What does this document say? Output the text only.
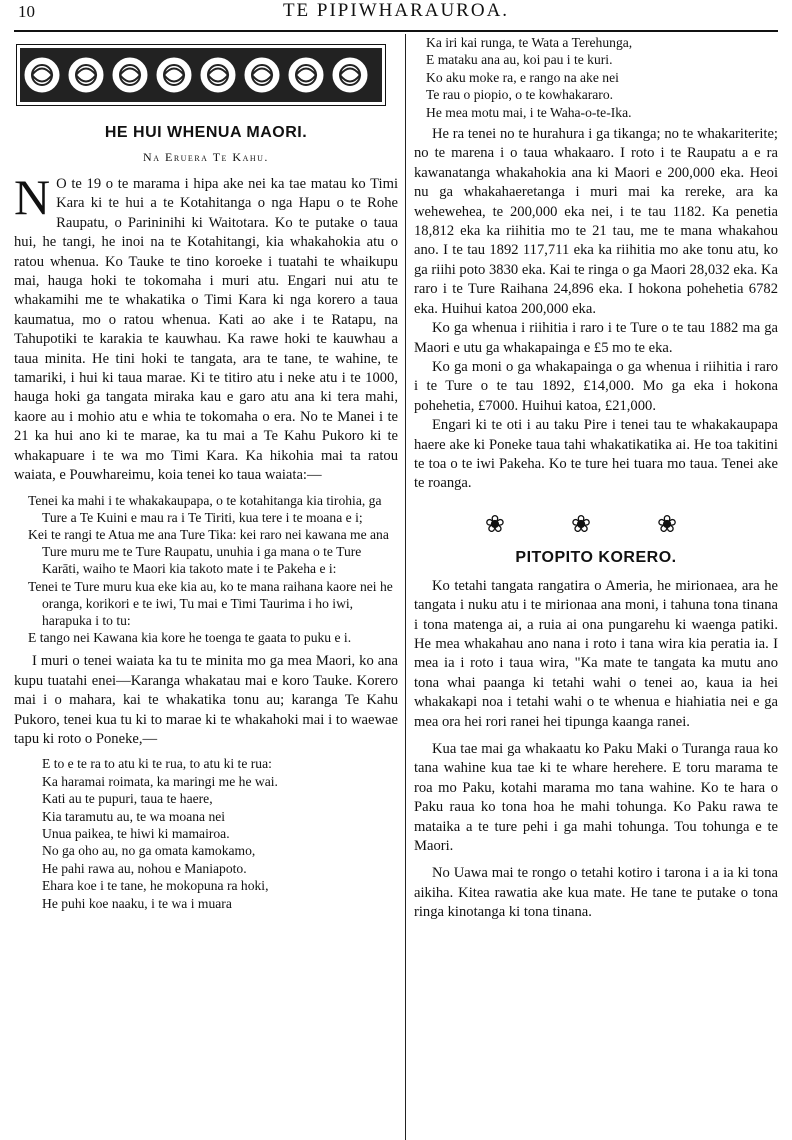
10	TE PIPIWHARAUROA.
HE HUI WHENUA MAORI.
Na Eruera Te Kahu.

N O te 19 o te marama i hipa ake nei ka tae matau ko Timi Kara ki te hui a te Kotahitanga o nga Hapu o te Rohe Raupatu, o Parininihi ki Waitotara. Ko te putake o taua hui, he tangi, he inoi na te Kotahitangi, kia whakahokia atu o ratou whenua. Ko Tauke te tino koroeke i tuatahi te whaikupu mai, hauga hoki te tokomaha i muri atu. Engari nui atu te whakamihi me te whakatika o Timi Kara ki nga korero a taua kaumatua, mo o ratou whenua. Kati ao ake i te Ratapu, na Tahupotiki te karakia te kauwhau. Ka rawe hoki te kauwhau a taua minita. He tini hoki te tangata, ara te tane, te wahine, te tamariki, i hui ki taua marae. Ki te titiro atu i neke atu i te 1000, hauga hoki ga tangata miraka kau e garo atu ana ki tera mahi, kaore au i mohio atu e whia te tokomaha o era. No te Manei i te 21 ka hui ano ki te marae, ka tu mai a Te Kahu Pukoro ki te whakapuare i te wa mo Timi Kara. Ka hikohia mai ta ratou waiata, e Pouwhareimu, koia tenei ko taua waiata:—

Tenei ka mahi i te whakakaupapa, o te kotahitanga kia tirohia, ga Ture a Te Kuini e mau ra i Te Tiriti, kua tere i te moana e i;
Kei te rangi te Atua me ana Ture Tika: kei raro nei kawana me ana Ture muru me te Ture Raupatu, unuhia i ga mana o te Ture Karāti, waiho te Maori kia takoto mate i te Pakeha e i:
Tenei te Ture muru kua eke kia au, ko te mana raihana kaore nei he oranga, korikori e te iwi, Tu mai e Timi Taurima i ho iwi, harapuka i to tu:
E tango nei Kawana kia kore he toenga te gaata to puku e i.

I muri o tenei waiata ka tu te minita mo ga mea Maori, ko ana kupu tuatahi enei—Karanga whakatau mai e koro Tauke. Korero mai i o mahara, kai te whakatika tonu au; karanga Te Kahu Pukoro, tenei kua tu ki to marae ki te whakahoki mai i to waewae tapu ki roto o Poneke,—

E to e te ra to atu ki te rua, to atu ki te rua:
Ka haramai roimata, ka maringi me he wai.
Kati au te pupuri, taua te haere,
Kia taramutu au, te wa moana nei
Unua paikea, te hiwi ki mamairoa.
No ga oho au, no ga omata kamokamo,
He pahi rawa au, nohou e Maniapoto.
Ehara koe i te tane, he mokopuna ra hoki,
He puhi koe naaku, i te wa i muara
Ka iri kai runga, te Wata a Terehunga,
E mataku ana au, koi pau i te kuri.
Ko aku moke ra, e rango na ake nei
Te rau o piopio, o te kowhakararo.
He mea motu mai, i te Waha-o-te-Ika.

He ra tenei no te hurahura i ga tikanga; no te whakariterite; no te marena i o taua whakaaro. I roto i te Raupatu a e ra kawanatanga whakahokia ana ki Maori e 200,000 eka. Heoi nu ga whakahaeretanga i muri mai ka rereke, ara ka wehewehea, te 200,000 eka nei, i te tau 1182. Ka penetia 18,812 eka ka riihitia mo te 21 tau, me te mana whakahou ano. I te tau 1892 117,711 eka ka riihitia mo ake tonu atu, ko ga riihi poto 3830 eka. Kai te ringa o ga Maori 28,032 eka. Ka raro i te Ture Raihana 24,896 eka. I hokona pohehetia 6782 eka. Huihui katoa 200,000 eka.

Ko ga whenua i riihitia i raro i te Ture o te tau 1882 ma ga Maori e utu ga whakapainga e £5 mo te eka.

Ko ga moni o ga whakapainga o ga whenua i riihitia i raro i te Ture o te tau 1892, £14,000. Mo ga eka i hokona pohehetia, £7000. Huihui katoa, £21,000.

Engari ki te oti i au taku Pire i tenei tau te whakakaupapa haere ake ki Poneke taua tahi whakatikatika ai. He toa takitini te toa o te iwi Pakeha. Ko te ture hei tuara mo taua. Tenei ake te roanga.

❀ ❀ ❀
PITOPITO KORERO.

Ko tetahi tangata rangatira o Ameria, he mirionaea, ara he tangata i nuku atu i te mirionaa ana moni, i tahuna tona tinana i tona matenga ai, a ruia ai ona pungarehu ki waenga patiki. He mea whakahau ano nana i roto i tana wira kia peratia ia. I mea ia i roto i taua wira, "Ka mate te tangata ka mutu ano tona whai paanga ki tetahi wahi o tenei ao, kaua ia hei whakakapi noa i tetahi wahi o te whenua e hiahiatia nei e ga mea ora hei rori ranei hei tipunga kaanga ranei.

Kua tae mai ga whakaatu ko Paku Maki o Turanga raua ko tana wahine kua tae ki te whare herehere. E toru marama te roa mo Paku, kotahi marama mo tana wahine. Ko te hara o Paku raua ko tona hoa he mahi tohunga. Ko Paku rawa te mataika a te ture pehi i ga mahi tohunga. Tou tohunga e te Maori.

No Uawa mai te rongo o tetahi kotiro i tarona i a ia ki tona aikiha. Kitea rawatia ake kua mate. He tane te putake o tona ringa kinotanga ki tona tinana.
